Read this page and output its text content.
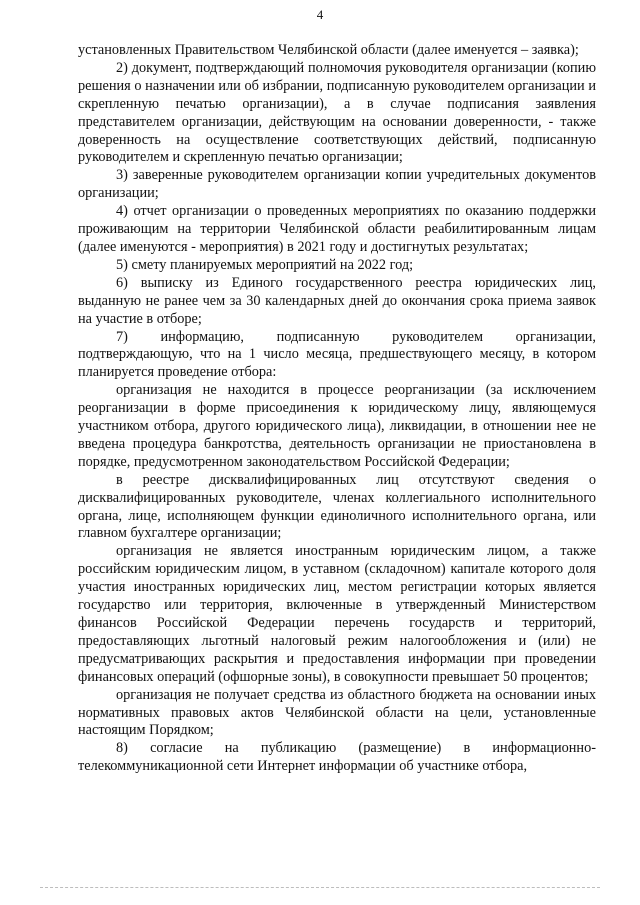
4

установленных Правительством Челябинской области (далее именуется – заявка);

2) документ, подтверждающий полномочия руководителя организации (копию решения о назначении или об избрании, подписанную руководителем организации и скрепленную печатью организации), а в случае подписания заявления представителем организации, действующим на основании доверенности, - также доверенность на осуществление соответствующих действий, подписанную руководителем и скрепленную печатью организации;

3) заверенные руководителем организации копии учредительных документов организации;

4) отчет организации о проведенных мероприятиях по оказанию поддержки проживающим на территории Челябинской области реабилитированным лицам (далее именуются - мероприятия) в 2021 году и достигнутых результатах;

5) смету планируемых мероприятий на 2022 год;

6) выписку из Единого государственного реестра юридических лиц, выданную не ранее чем за 30 календарных дней до окончания срока приема заявок на участие в отборе;

7) информацию, подписанную руководителем организации, подтверждающую, что на 1 число месяца, предшествующего месяцу, в котором планируется проведение отбора:

организация не находится в процессе реорганизации (за исключением реорганизации в форме присоединения к юридическому лицу, являющемуся участником отбора, другого юридического лица), ликвидации, в отношении нее не введена процедура банкротства, деятельность организации не приостановлена в порядке, предусмотренном законодательством Российской Федерации;

в реестре дисквалифицированных лиц отсутствуют сведения о дисквалифицированных руководителе, членах коллегиального исполнительного органа, лице, исполняющем функции единоличного исполнительного органа, или главном бухгалтере организации;

организация не является иностранным юридическим лицом, а также российским юридическим лицом, в уставном (складочном) капитале которого доля участия иностранных юридических лиц, местом регистрации которых является государство или территория, включенные в утвержденный Министерством финансов Российской Федерации перечень государств и территорий, предоставляющих льготный налоговый режим налогообложения и (или) не предусматривающих раскрытия и предоставления информации при проведении финансовых операций (офшорные зоны), в совокупности превышает 50 процентов;

организация не получает средства из областного бюджета на основании иных нормативных правовых актов Челябинской области на цели, установленные настоящим Порядком;

8) согласие на публикацию (размещение) в информационно-телекоммуникационной сети Интернет информации об участнике отбора,
